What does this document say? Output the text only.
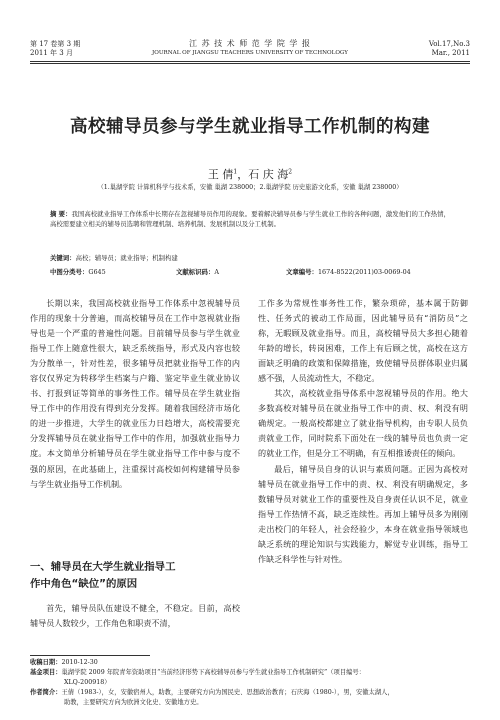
第 17 卷第 3 期
2011 年 3 月
江 苏 技 术 师 范 学 院 学 报
JOURNAL OF JIANGSU TEACHERS UNIVERSITY OF TECHNOLOGY
Vol.17,No.3
Mar., 2011
高校辅导员参与学生就业指导工作机制的构建
王 倩$^1$，石 庆 海$^2$
（1.巢湖学院 计算机科学与技术系，安徽 巢湖 238000；2.巢湖学院 历史旅游文化系，安徽 巢湖 238000）
摘 要：我国高校就业指导工作体系中长期存在忽视辅导员作用的现象。要着解决辅导员参与学生就业工作的各种问题，激发他们的工作热情，高校需要建立相关的辅导员选聘和管理机制、培养机制、发展机制以及分工机制。
关键词：高校；辅导员；就业指导；机制构建
中图分类号：G645	文献标识码：A	文章编号：1674-8522(2011)03-0069-04

长期以来，我国高校就业指导工作体系中忽视辅导员作用的现象十分普遍，而高校辅导员在工作中忽视就业指导也是一个严重的普遍性问题。目前辅导员参与学生就业指导工作上随意性很大，缺乏系统指导，形式及内容也较为分散单一，针对性差，很多辅导员把就业指导工作的内容仅仅界定为转移学生档案与户籍、鉴定毕业生就业协议书、打报到证等简单的事务性工作。辅导员在学生就业指导工作中的作用没有得到充分发挥。随着我国经济市场化的进一步推进，大学生的就业压力日趋增大，高校需要充分发挥辅导员在就业指导工作中的作用，加强就业指导力度。本文简单分析辅导员在学生就业指导工作中参与度不强的原因，在此基础上，注重探讨高校如何构建辅导员参与学生就业指导工作机制。

一、辅导员在大学生就业指导工
作中角色“缺位”的原因

首先，辅导员队伍建设不健全，不稳定。目前，高校辅导员人数较少，工作角色和职责不清，

工作多为常规性事务性工作，繁杂琐碎，基本属于防御性、任务式的被动工作局面，因此辅导员有“消防员”之称，无暇顾及就业指导。而且，高校辅导员大多担心随着年龄的增长，转岗困难，工作上有后顾之忧，高校在这方面缺乏明确的政策和保障措施，致使辅导员群体职业归属感不强，人员流动性大，不稳定。

其次，高校就业指导体系中忽视辅导员的作用。绝大多数高校对辅导员在就业指导工作中的责、权、利没有明确规定。一般高校都建立了就业指导机构，由专职人员负责就业工作，同时院系下面处在一线的辅导员也负责一定的就业工作，但是分工不明确，有互相推诿责任的倾向。

最后，辅导员自身的认识与素质问题。正因为高校对辅导员在就业指导工作中的责、权、利没有明确规定，多数辅导员对就业工作的重要性及自身责任认识不足，就业指导工作热情不高，缺乏连续性。再加上辅导员多为刚刚走出校门的年轻人，社会经验少，本身在就业指导领域也缺乏系统的理论知识与实践能力，解觉专业训练，指导工作缺乏科学性与针对性。

收稿日期：2010-12-30
基金项目：巢湖学院 2009 年院青年资助项目“当前经济形势下高校辅导员参与学生就业指导工作机制研究”（项目编号：
XLQ-200918）
作者简介：王倩（1983-），女，安徽宿州人，助教，主要研究方向为国民史、思想政治教育；石庆海（1980-），男，安徽太湖人，
助教，主要研究方向为欧洲文化史、安徽地方史。
